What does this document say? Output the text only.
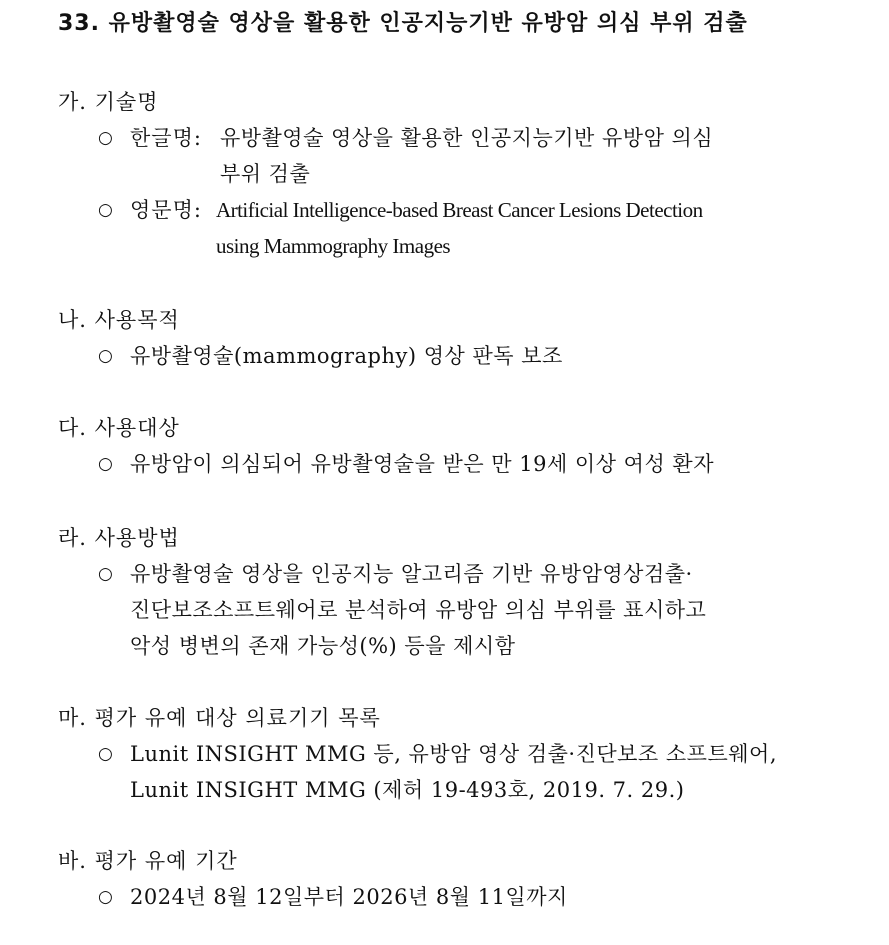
33. 유방촬영술 영상을 활용한 인공지능기반 유방암 의심 부위 검출
가. 기술명
○ 한글명: 유방촬영술 영상을 활용한 인공지능기반 유방암 의심
부위 검출
○ 영문명: Artificial Intelligence-based Breast Cancer Lesions Detection
using Mammography Images
나. 사용목적
○ 유방촬영술(mammography) 영상 판독 보조
다. 사용대상
○ 유방암이 의심되어 유방촬영술을 받은 만 19세 이상 여성 환자
라. 사용방법
○ 유방촬영술 영상을 인공지능 알고리즘 기반 유방암영상검출·
진단보조소프트웨어로 분석하여 유방암 의심 부위를 표시하고
악성 병변의 존재 가능성(%) 등을 제시함
마. 평가 유예 대상 의료기기 목록
○ Lunit INSIGHT MMG 등, 유방암 영상 검출·진단보조 소프트웨어,
Lunit INSIGHT MMG (제허 19-493호, 2019. 7. 29.)
바. 평가 유예 기간
○ 2024년 8월 12일부터 2026년 8월 11일까지
